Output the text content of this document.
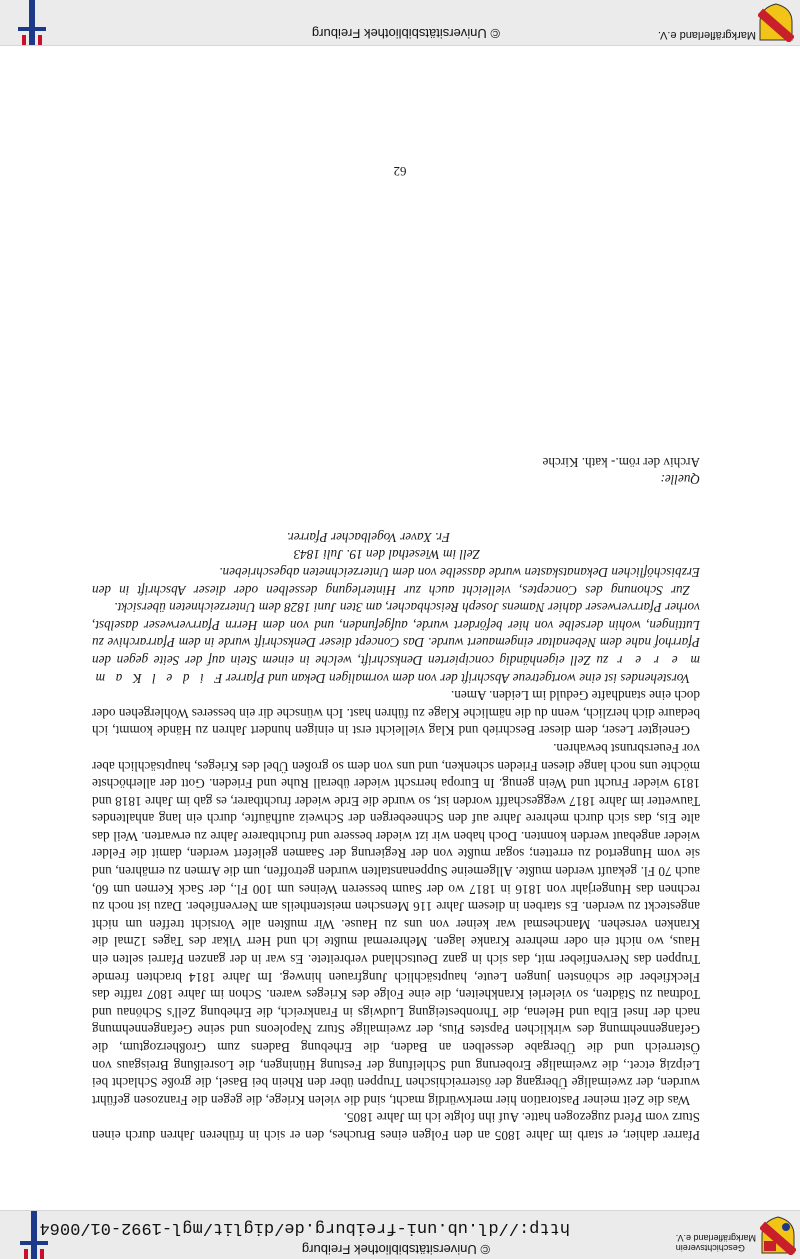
Geschichtsverein
Markgräflerland e.V.
http://dl.ub.uni-freiburg.de/diglit/mgl-1992-01/0064
© Universitätsbibliothek Freiburg

Pfarrer dahier, er starb im Jahre 1805 an den Folgen eines Bruches, den er sich in früheren Jahren durch einen Sturz vom Pferd zugezogen hatte. Auf ihn folgte ich im Jahre 1805.

Was die Zeit meiner Pastoration hier merkwürdig macht, sind die vielen Kriege, die gegen die Franzosen geführt wurden, der zweimalige Übergang der österreichischen Truppen über den Rhein bei Basel, die große Schlacht bei Leipzig etcet., die zweimalige Eroberung und Schleifung der Festung Hüningen, die Losreißung Breisgaus von Österreich und die Übergabe desselben an Baden, die Erhebung Badens zum Großherzogtum, die Gefangennehmung des wirklichen Papstes Pius, der zweimalige Sturz Napoleons und seine Gefangennehmung nach der Insel Elba und Helena, die Thronbesteigung Ludwigs in Frankreich, die Erhebung Zell's Schönau und Todtnau zu Städten, so vielerlei Krankheiten, die eine Folge des Krieges waren. Schon im Jahre 1807 raffte das Fleckfieber die schönsten jungen Leute, hauptsächlich Jungfrauen hinweg. Im Jahre 1814 brachten fremde Truppen das Nervenfieber mit, das sich in ganz Deutschland verbreitete. Es war in der ganzen Pfarrei selten ein Haus, wo nicht ein oder mehrere Kranke lagen. Mehreremal mußte ich und Herr Vikar des Tages 12mal die Kranken versehen. Manchesmal war keiner von uns zu Hause. Wir mußten alle Vorsicht treffen um nicht angesteckt zu werden. Es starben in diesem Jahre 116 Menschen meistentheils am Nervenfieber. Dazu ist noch zu rechnen das Hungerjahr von 1816 in 1817 wo der Saum besseren Weines um 100 Fl., der Sack Kernen um 60, auch 70 Fl. gekauft werden mußte. Allgemeine Suppenanstalten wurden getroffen, um die Armen zu ernähren, und sie vom Hungertod zu erretten; sogar mußte von der Regierung der Saamen geliefert werden, damit die Felder wieder angebaut werden konnten. Doch haben wir izt wieder bessere und fruchtbarere Jahre zu erwarten. Weil das alte Eis, das sich durch mehrere Jahre auf den Schneebergen der Schweiz aufhäufte, durch ein lang anhaltendes Tauwetter im Jahre 1817 weggeschafft worden ist, so wurde die Erde wieder fruchtbarer, es gab im Jahre 1818 und 1819 wieder Frucht und Wein genug. In Europa herrscht wieder überall Ruhe und Frieden. Gott der allerhöchste möchte uns noch lange diesen Frieden schenken, und uns von dem so großen Übel des Krieges, hauptsächlich aber vor Feuersbrunst bewahren.

Geneigter Leser, dem dieser Beschrieb und Klag vielleicht erst in einigen hundert Jahren zu Hände kommt, ich bedaure dich herzlich, wenn du die nämliche Klage zu führen hast. Ich wünsche dir ein besseres Wohlergehen oder doch eine standhafte Geduld im Leiden. Amen.

Vorstehendes ist eine wortgetreue Abschrift der von dem vormaligen Dekan und Pfarrer F i d e l K a m m e r e r zu Zell eigenhändig concipierten Denkschrift, welche in einem Stein auf der Seite gegen den Pfarrhof nahe dem Nebenaltar eingemauert wurde. Das Concept dieser Denkschrift wurde in dem Pfarrarchive zu Luttingen, wohin derselbe von hier befördert wurde, aufgefunden, und von dem Herrn Pfarrverweser daselbst, vorher Pfarrverweser dahier Namens Joseph Reischbacher, am 3ten Juni 1828 dem Unterzeichneten übersickt.

Zur Schonung des Conceptes, vielleicht auch zur Hinterlegung desselben oder dieser Abschrift in den Erzbischöflichen Dekanatskasten wurde dasselbe von dem Unterzeichneten abgeschrieben.

Zell im Wiesethal den 19. Juli 1843
Fr. Xaver Vogelbacher Pfarrer.
Quelle:
Archiv der röm.- kath. Kirche
62
Markgräflerland e.V.
© Universitätsbibliothek Freiburg
